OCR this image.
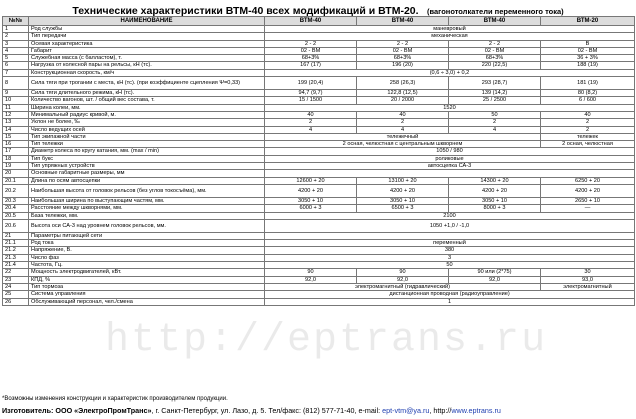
Технические характеристики ВТМ-40 всех модификаций и ВТМ-20. (вагонотолкатели переменного тока)
№№	НАИМЕНОВАНИЕ	ВТМ-40	ВТМ-40	ВТМ-40	ВТМ-20
1	Род службы	маневровый			
2	Тип передачи	механическая			
3	Осевая характеристика	2 - 2	2 - 2	2 - 2	В
4	Габарит	02 - ВМ	02 - ВМ	02 - ВМ	02 - ВМ
5	Служебная масса (с балластом), т.	68+3%	68+3%	68+3%	36 + 3%
6	Нагрузка от колесной пары на рельсы, кН (тс).	167 (17)	196 (20)	220 (22,5)	188 (19)
7	Конструкционная скорость, км/ч	(0,6 ÷ 3,0) + 0,2			
8	Сила тяги при трогании с места, кН (тс). (при коэффициенте сцепления Ψ=0,33)	199 (20,4)	258 (26,3)	293 (28,7)	181 (19)
9	Сила тяги длительного режима, кН (тс).	94,7 (9,7)	122,8 (12,5)	139 (14,2)	80 (8,2)
10	Количество вагонов, шт. / общий вес состава, т.	15 / 1500	20 / 2000	25 / 2500	6 / 600
11	Ширина колеи, мм.	1520			
12	Минимальный радиус кривой, м.	40	40	50	40
13	Уклон не более, ‰	2	2	2	2
14	Число ведущих осей	4	4	4	2
15	Тип экипажной части	тележечный			тележек
16	Тип тележки	2 осная, челюстная с центральным шкворнем			2 осная, челюстная
17	Диаметр колеса по кругу катания, мм. (max / min)	1050 / 980			
18	Тип букс	роликовые			
19	Тип упряжных устройств	автосцепка СА-3			
20	Основные габаритные размеры, мм				
20.1	Длина по осям автосцепки	12600 + 20	13100 + 20	14300 + 20	6250 + 20
20.2	Наибольшая высота от головок рельсов (без углов токосъёма), мм.	4200 + 20	4200 + 20	4200 + 20	4200 + 20
20.3	Наибольшая ширина по выступающим частям, мм.	3050 + 10	3050 + 10	3050 + 10	2650 + 10
20.4	Расстояние между шкворнями, мм.	6000 + 3	6500 + 3	8000 + 3	—
20.5	База тележки, мм.	2100			
20.6	Высота оси СА-3 над уровнем головок рельсов, мм.	1050 +1,0 / -1,0			
21	Параметры питающей сети				
21.1	Род тока	переменный			
21.2	Напряжение, В.	380			
21.3	Число фаз	3			
21.4	Частота, Гц.	50			
22	Мощность электродвигателей, кВт.	90	90	90 или (2*75)	30
23	КПД, %	92,0	92,0	92,0	93,0
24	Тип тормоза	электромагнитный (гидравлический)			электромагнитный
25	Система управления	дистанционная проводная (радиоуправление)			
26	Обслуживающий персонал, чел./смена	1			
http://eptrans.ru
*Возможны изменения конструкции и характеристик производителем продукции.
Изготовитель: ООО «ЭлектроПромТранс», г. Санкт-Петербург, ул. Лазо, д. 5. Тел/факс: (812) 577-71-40, e-mail: ept-vtm@ya.ru, http://www.eptrans.ru
